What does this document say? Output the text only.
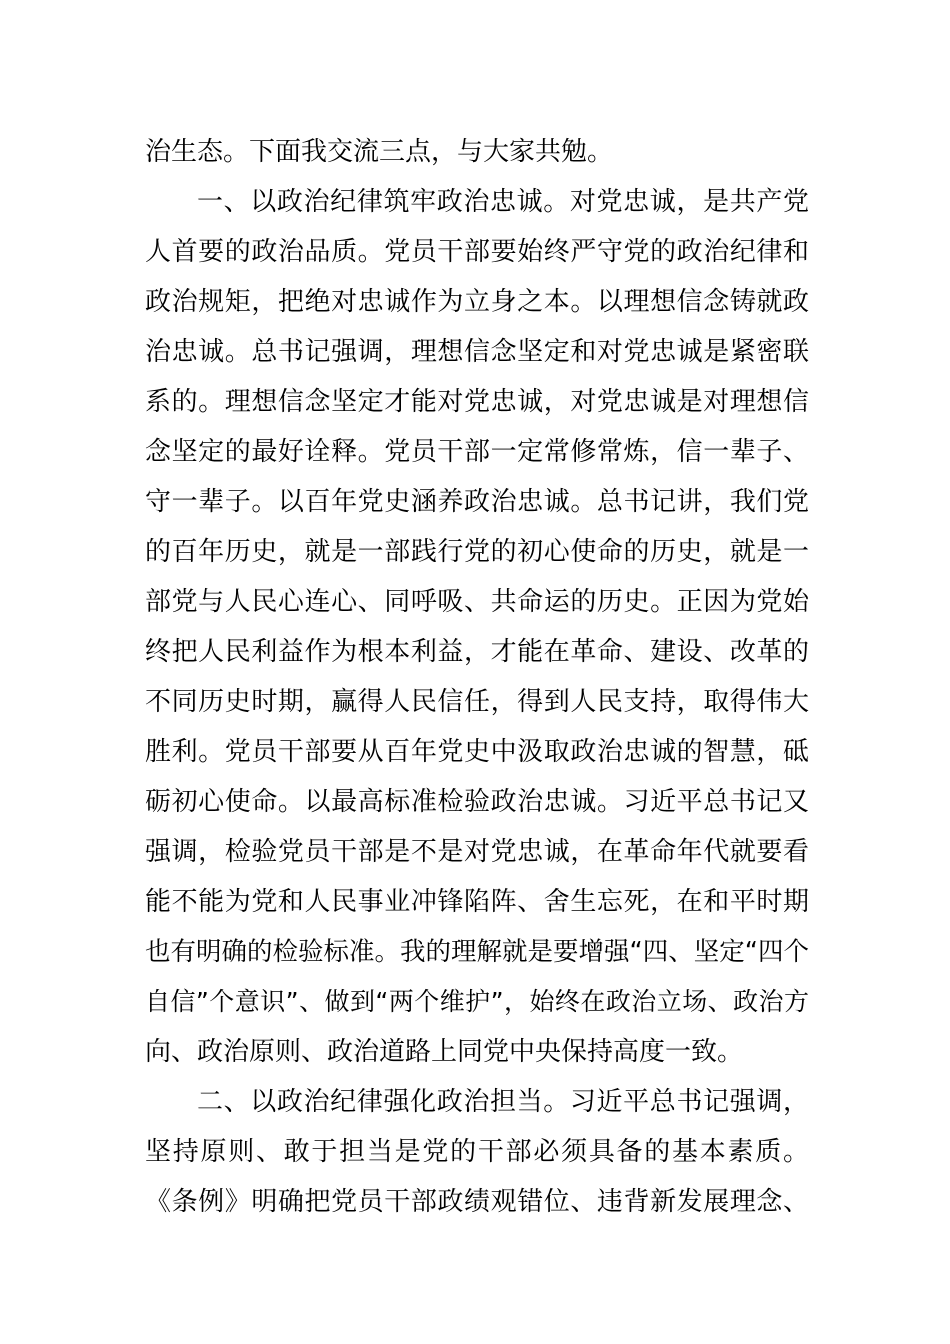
治生态。下面我交流三点，与大家共勉。
一、以政治纪律筑牢政治忠诚。对党忠诚，是共产党
人首要的政治品质。党员干部要始终严守党的政治纪律和
政治规矩，把绝对忠诚作为立身之本。以理想信念铸就政
治忠诚。总书记强调，理想信念坚定和对党忠诚是紧密联
系的。理想信念坚定才能对党忠诚，对党忠诚是对理想信
念坚定的最好诠释。党员干部一定常修常炼，信一辈子、
守一辈子。以百年党史涵养政治忠诚。总书记讲，我们党
的百年历史，就是一部践行党的初心使命的历史，就是一
部党与人民心连心、同呼吸、共命运的历史。正因为党始
终把人民利益作为根本利益，才能在革命、建设、改革的
不同历史时期，赢得人民信任，得到人民支持，取得伟大
胜利。党员干部要从百年党史中汲取政治忠诚的智慧，砥
砺初心使命。以最高标准检验政治忠诚。习近平总书记又
强调，检验党员干部是不是对党忠诚，在革命年代就要看
能不能为党和人民事业冲锋陷阵、舍生忘死，在和平时期
也有明确的检验标准。我的理解就是要增强“四、坚定“四个
自信”个意识”、做到“两个维护”，始终在政治立场、政治方
向、政治原则、政治道路上同党中央保持高度一致。
二、以政治纪律强化政治担当。习近平总书记强调，
坚持原则、敢于担当是党的干部必须具备的基本素质。
《条例》明确把党员干部政绩观错位、违背新发展理念、
